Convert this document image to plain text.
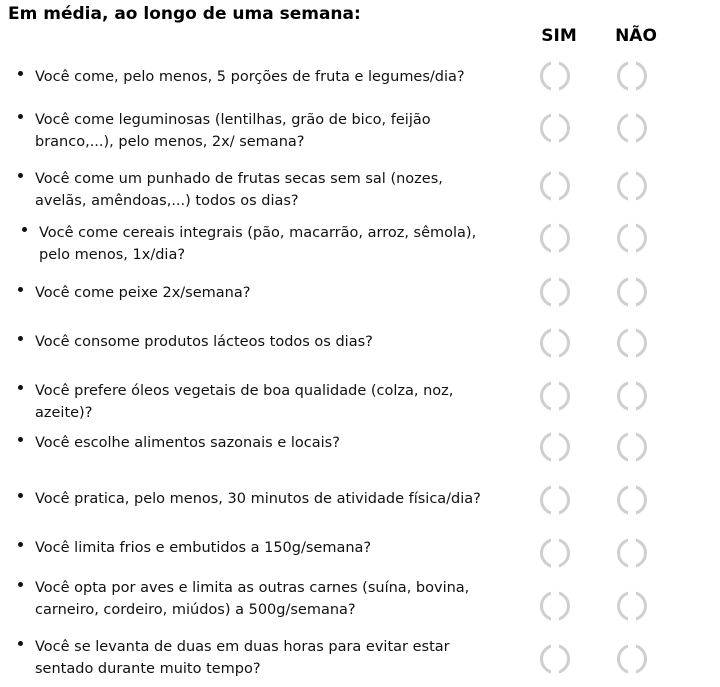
Em média, ao longo de uma semana:
SIM	NÃO
Você come, pelo menos, 5 porções de fruta e legumes/dia?
Você come leguminosas (lentilhas, grão de bico, feijão
branco,...), pelo menos, 2x/ semana?
Você come um punhado de frutas secas sem sal (nozes,
avelãs, amêndoas,...) todos os dias?
Você come cereais integrais (pão, macarrão, arroz, sêmola),
pelo menos, 1x/dia?
Você come peixe 2x/semana?
Você consome produtos lácteos todos os dias?
Você prefere óleos vegetais de boa qualidade (colza, noz,
azeite)?
Você escolhe alimentos sazonais e locais?
Você pratica, pelo menos, 30 minutos de atividade física/dia?
Você limita frios e embutidos a 150g/semana?
Você opta por aves e limita as outras carnes (suína, bovina,
carneiro, cordeiro, miúdos) a 500g/semana?
Você se levanta de duas em duas horas para evitar estar
sentado durante muito tempo?
